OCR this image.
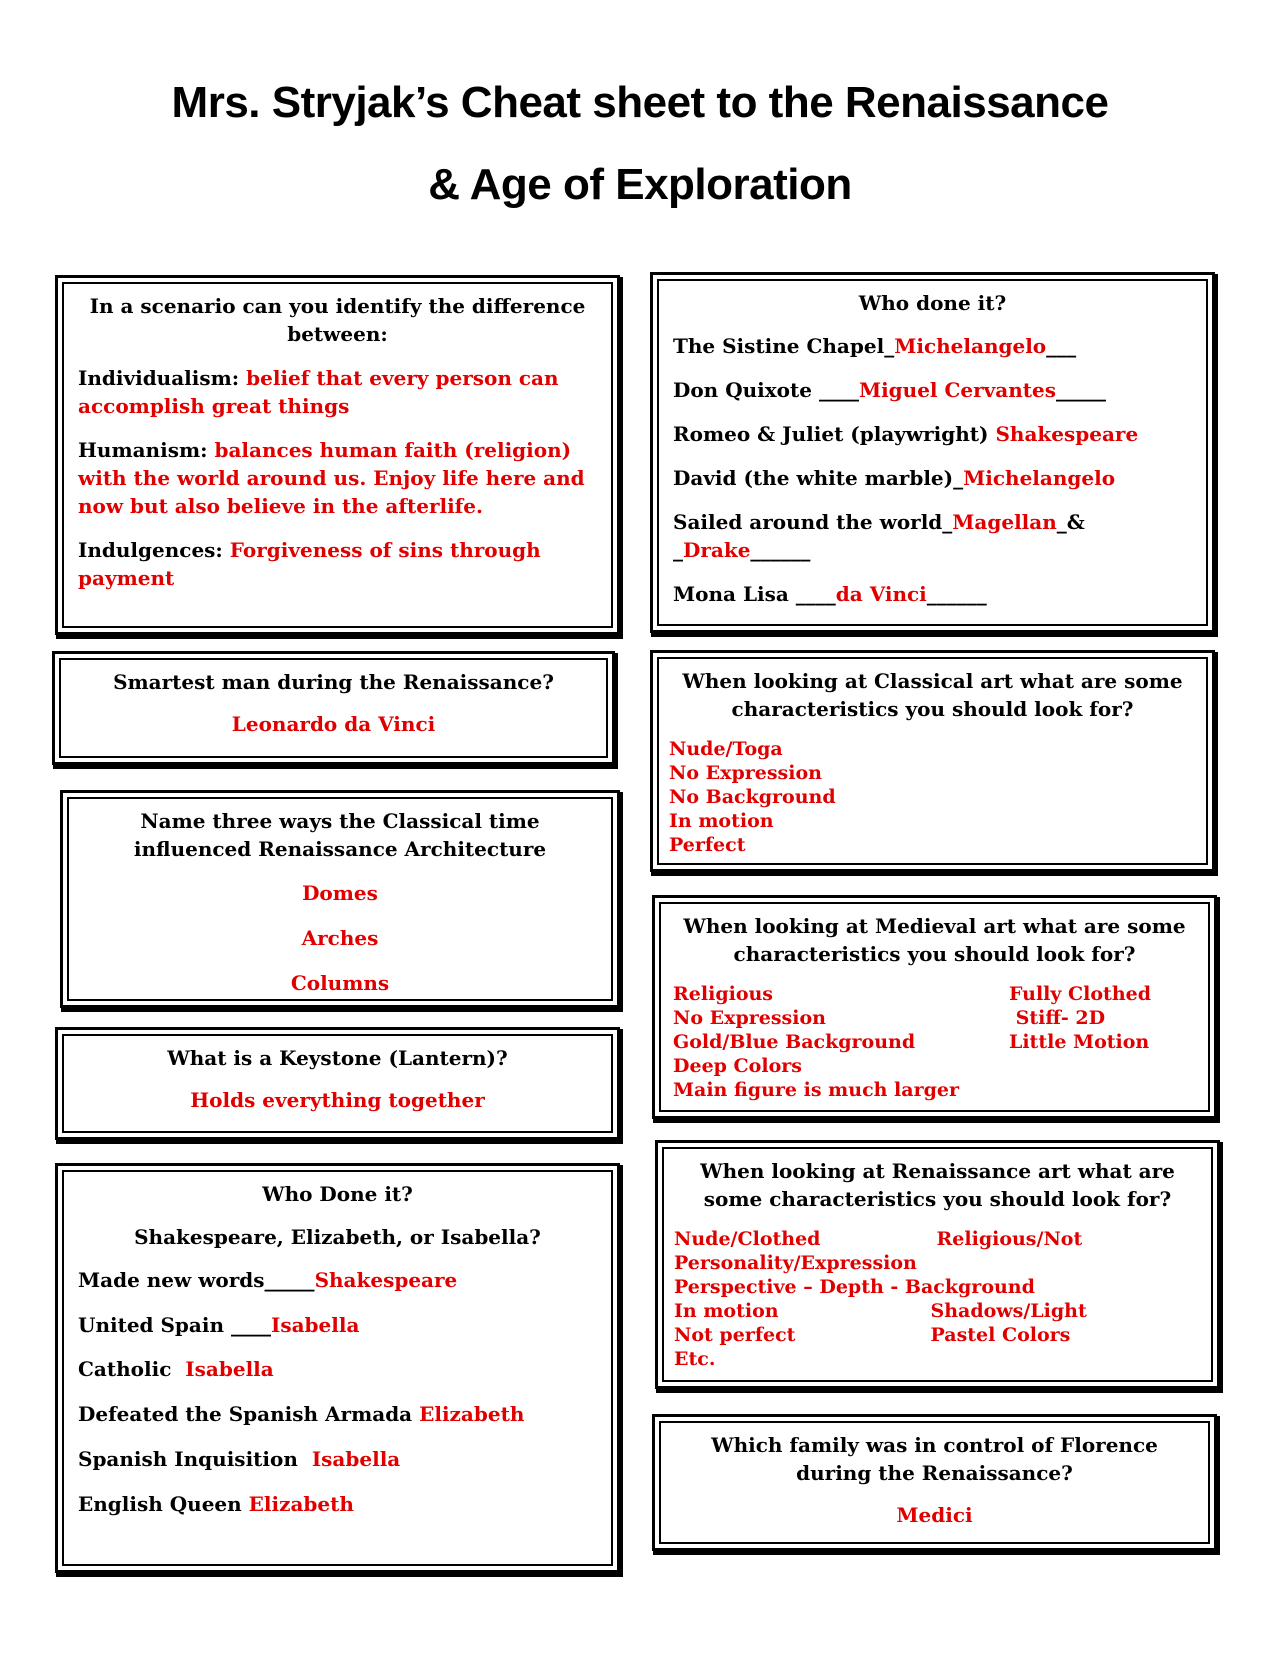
Mrs. Stryjak’s Cheat sheet to the Renaissance
& Age of Exploration
In a scenario can you identify the difference between:
Individualism: belief that every person can accomplish great things
Humanism: balances human faith (religion) with the world around us. Enjoy life here and now but also believe in the afterlife.
Indulgences: Forgiveness of sins through payment
Smartest man during the Renaissance?
Leonardo da Vinci
Name three ways the Classical time influenced Renaissance Architecture
Domes
Arches
Columns
What is a Keystone (Lantern)?
Holds everything together
Who Done it?
Shakespeare, Elizabeth, or Isabella?
Made new words_____Shakespeare
United Spain ____Isabella
Catholic  Isabella
Defeated the Spanish Armada Elizabeth
Spanish Inquisition  Isabella
English Queen Elizabeth
Who done it?
The Sistine Chapel_Michelangelo___
Don Quixote ____Miguel Cervantes_____
Romeo & Juliet (playwright) Shakespeare
David (the white marble)_Michelangelo
Sailed around the world_Magellan_&
_Drake______
Mona Lisa ____da Vinci______
When looking at Classical art what are some characteristics you should look for?
Nude/Toga
No Expression
No Background
In motion
Perfect
When looking at Medieval art what are some characteristics you should look for?
Religious
No Expression
Gold/Blue Background
Deep Colors
Main figure is much larger
Fully Clothed
Stiff- 2D
Little Motion
When looking at Renaissance art what are some characteristics you should look for?
Nude/Clothed	Religious/Not
Personality/Expression
Perspective – Depth - Background
In motion	Shadows/Light
Not perfect	Pastel Colors
Etc.
Which family was in control of Florence during the Renaissance?
Medici
